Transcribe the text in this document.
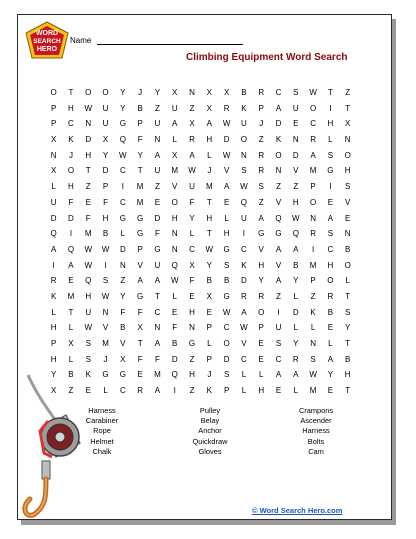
WORD
SEARCH
HERO
Name
Climbing Equipment Word Search
O	T	O	O	Y	J	Y	X	N	X	X	B	R	C	S	W	T	Z
P	H	W	U	Y	B	Z	U	Z	X	R	K	P	A	U	O	I	T
P	C	N	U	G	P	U	A	X	A	W	U	J	D	E	C	H	X
X	K	D	X	Q	F	N	L	R	H	D	O	Z	K	N	R	L	N
N	J	H	Y	W	Y	A	X	A	L	W	N	R	O	D	A	S	O
X	O	T	D	C	T	U	M	W	J	V	S	R	N	V	M	G	H
L	H	Z	P	I	M	Z	V	U	M	A	W	S	Z	Z	P	I	S
U	F	E	F	C	M	E	O	F	T	E	Q	Z	V	H	O	E	V
D	D	F	H	G	G	D	H	Y	H	L	U	A	Q	W	N	A	E
Q	I	M	B	L	G	F	N	L	T	H	I	G	G	Q	R	S	N
A	Q	W	W	D	P	G	N	C	W	G	C	V	A	A	I	C	B
I	A	W	I	N	V	U	Q	X	Y	S	K	H	V	B	M	H	O
R	E	Q	S	Z	A	A	W	F	B	B	D	Y	A	Y	P	O	L
K	M	H	W	Y	G	T	L	E	X	G	R	R	Z	L	Z	R	T
L	T	U	N	F	F	C	E	H	E	W	A	O	I	D	K	B	S
H	L	W	V	B	X	N	F	N	P	C	W	P	U	L	L	E	Y
P	X	S	M	V	T	A	B	G	L	O	V	E	S	Y	N	L	T
H	L	S	J	X	F	F	D	Z	P	D	C	E	C	R	S	A	B
Y	B	K	G	G	E	M	Q	H	J	S	L	L	A	A	W	Y	H
X	Z	E	L	C	R	A	I	Z	K	P	L	H	E	L	M	E	T
Harness
Carabiner
Rope
Helmet
Chalk
Pulley
Belay
Anchor
Quickdraw
Gloves
Crampons
Ascender
Harness
Bolts
Cam
© Word Search Hero.com
